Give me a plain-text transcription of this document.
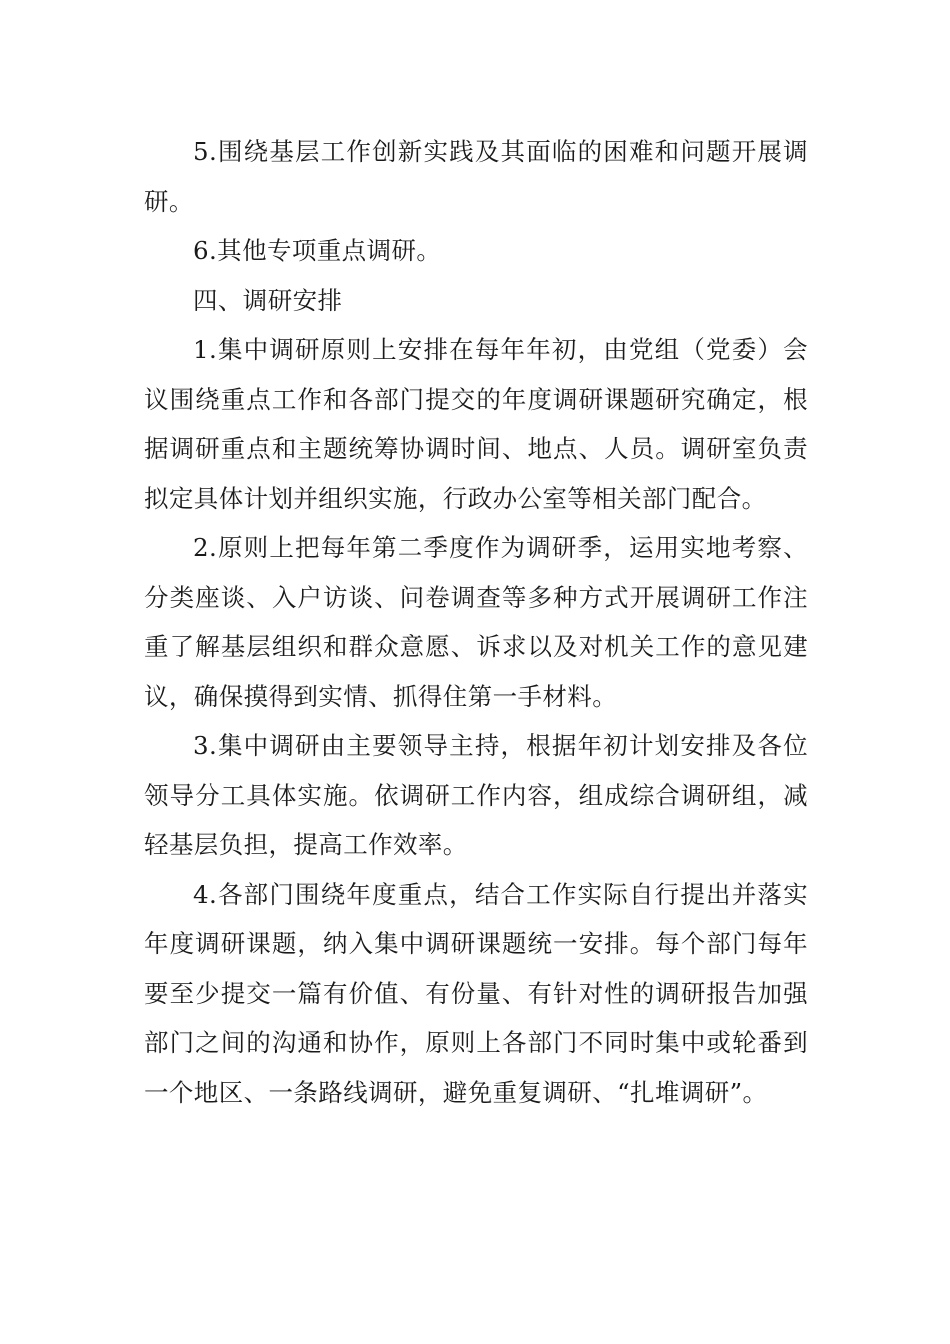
5.围绕基层工作创新实践及其面临的困难和问题开展调研。

6.其他专项重点调研。

四、调研安排

1.集中调研原则上安排在每年年初，由党组（党委）会议围绕重点工作和各部门提交的年度调研课题研究确定，根据调研重点和主题统筹协调时间、地点、人员。调研室负责拟定具体计划并组织实施，行政办公室等相关部门配合。

2.原则上把每年第二季度作为调研季，运用实地考察、分类座谈、入户访谈、问卷调查等多种方式开展调研工作注重了解基层组织和群众意愿、诉求以及对机关工作的意见建议，确保摸得到实情、抓得住第一手材料。

3.集中调研由主要领导主持，根据年初计划安排及各位领导分工具体实施。依调研工作内容，组成综合调研组，减轻基层负担，提高工作效率。

4.各部门围绕年度重点，结合工作实际自行提出并落实年度调研课题，纳入集中调研课题统一安排。每个部门每年要至少提交一篇有价值、有份量、有针对性的调研报告加强部门之间的沟通和协作，原则上各部门不同时集中或轮番到一个地区、一条路线调研，避免重复调研、“扎堆调研”。
